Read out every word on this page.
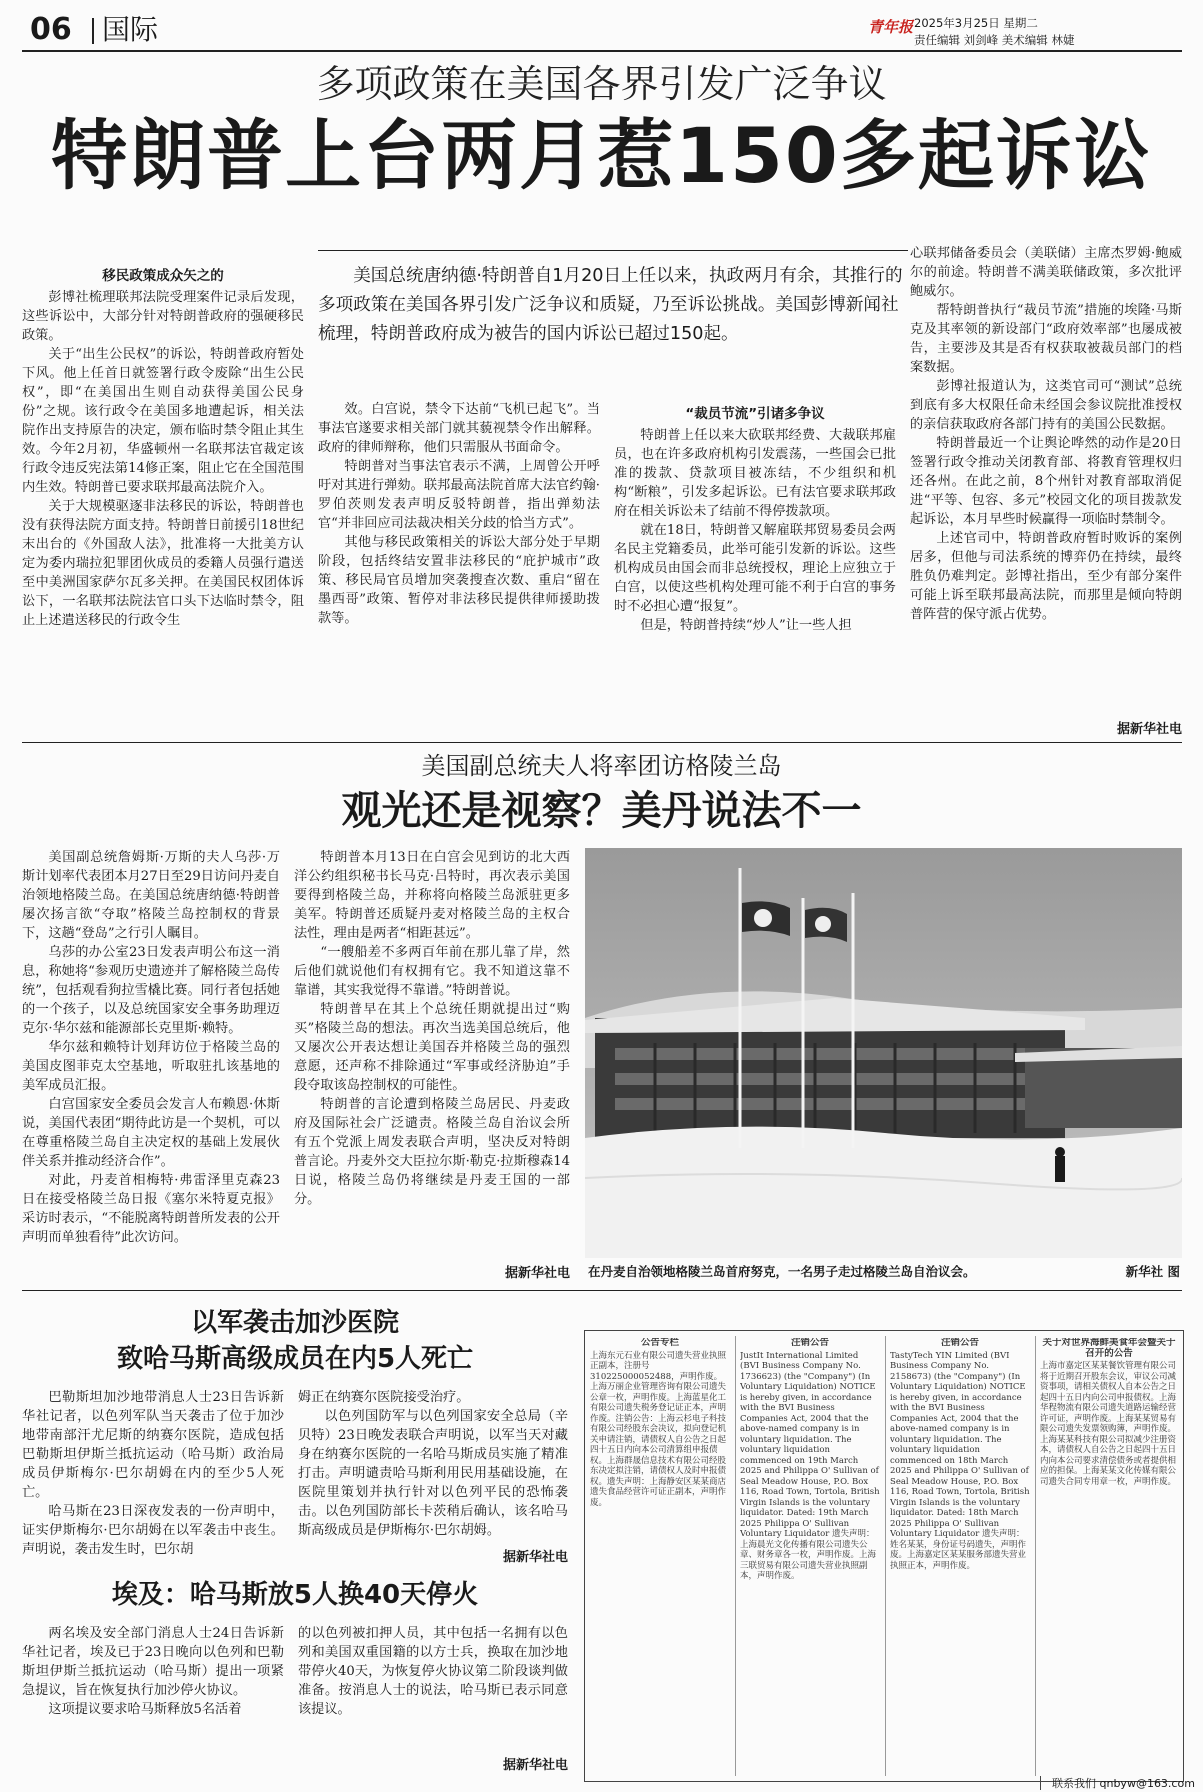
06 国际	青年报 2025年3月25日 星期二
责任编辑 刘剑峰 美术编辑 林婕
多项政策在美国各界引发广泛争议
特朗普上台两月惹150多起诉讼
移民政策成众矢之的

彭博社梳理联邦法院受理案件记录后发现，这些诉讼中，大部分针对特朗普政府的强硬移民政策。

关于“出生公民权”的诉讼，特朗普政府暂处下风。他上任首日就签署行政令废除“出生公民权”，即“在美国出生则自动获得美国公民身份”之规。该行政令在美国多地遭起诉，相关法院作出支持原告的决定，颁布临时禁令阻止其生效。今年2月初，华盛顿州一名联邦法官裁定该行政令违反宪法第14修正案，阻止它在全国范围内生效。特朗普已要求联邦最高法院介入。

关于大规模驱逐非法移民的诉讼，特朗普也没有获得法院方面支持。特朗普日前援引18世纪末出台的《外国敌人法》，批准将一大批美方认定为委内瑞拉犯罪团伙成员的委籍人员强行遣送至中美洲国家萨尔瓦多关押。在美国民权团体诉讼下，一名联邦法院法官口头下达临时禁令，阻止上述遣送移民的行政令生

美国总统唐纳德·特朗普自1月20日上任以来，执政两月有余，其推行的多项政策在美国各界引发广泛争议和质疑，乃至诉讼挑战。美国彭博新闻社梳理，特朗普政府成为被告的国内诉讼已超过150起。

效。白宫说，禁令下达前“飞机已起飞”。当事法官遂要求相关部门就其藐视禁令作出解释。政府的律师辩称，他们只需服从书面命令。

特朗普对当事法官表示不满，上周曾公开呼吁对其进行弹劾。联邦最高法院首席大法官约翰·罗伯茨则发表声明反驳特朗普，指出弹劾法官“并非回应司法裁决相关分歧的恰当方式”。

其他与移民政策相关的诉讼大部分处于早期阶段，包括终结安置非法移民的“庇护城市”政策、移民局官员增加突袭搜查次数、重启“留在墨西哥”政策、暂停对非法移民提供律师援助拨款等。

“裁员节流”引诸多争议

特朗普上任以来大砍联邦经费、大裁联邦雇员，也在许多政府机构引发震荡，一些国会已批准的拨款、贷款项目被冻结，不少组织和机构“断粮”，引发多起诉讼。已有法官要求联邦政府在相关诉讼未了结前不得停拨款项。

就在18日，特朗普又解雇联邦贸易委员会两名民主党籍委员，此举可能引发新的诉讼。这些机构成员由国会而非总统授权，理论上应独立于白宫，以使这些机构处理可能不利于白宫的事务时不必担心遭“报复”。

但是，特朗普持续“炒人”让一些人担

心联邦储备委员会（美联储）主席杰罗姆·鲍威尔的前途。特朗普不满美联储政策，多次批评鲍威尔。

帮特朗普执行“裁员节流”措施的埃隆·马斯克及其率领的新设部门“政府效率部”也屡成被告，主要涉及其是否有权获取被裁员部门的档案数据。

彭博社报道认为，这类官司可“测试”总统到底有多大权限任命未经国会参议院批准授权的亲信获取政府各部门持有的美国公民数据。

特朗普最近一个让舆论哗然的动作是20日签署行政令推动关闭教育部、将教育管理权归还各州。在此之前，8个州针对教育部取消促进“平等、包容、多元”校园文化的项目拨款发起诉讼，本月早些时候赢得一项临时禁制令。

上述官司中，特朗普政府暂时败诉的案例居多，但他与司法系统的博弈仍在持续，最终胜负仍难判定。彭博社指出，至少有部分案件可能上诉至联邦最高法院，而那里是倾向特朗普阵营的保守派占优势。

据新华社电
美国副总统夫人将率团访格陵兰岛
观光还是视察？美丹说法不一

美国副总统詹姆斯·万斯的夫人乌莎·万斯计划率代表团本月27日至29日访问丹麦自治领地格陵兰岛。在美国总统唐纳德·特朗普屡次扬言欲“夺取”格陵兰岛控制权的背景下，这趟“登岛”之行引人瞩目。

乌莎的办公室23日发表声明公布这一消息，称她将“参观历史遗迹并了解格陵兰岛传统”，包括观看狗拉雪橇比赛。同行者包括她的一个孩子，以及总统国家安全事务助理迈克尔·华尔兹和能源部长克里斯·赖特。

华尔兹和赖特计划拜访位于格陵兰岛的美国皮图菲克太空基地，听取驻扎该基地的美军成员汇报。

白宫国家安全委员会发言人布赖恩·休斯说，美国代表团“期待此访是一个契机，可以在尊重格陵兰岛自主决定权的基础上发展伙伴关系并推动经济合作”。

对此，丹麦首相梅特·弗雷泽里克森23日在接受格陵兰岛日报《塞尔米特夏克报》采访时表示，“不能脱离特朗普所发表的公开声明而单独看待”此次访问。

特朗普本月13日在白宫会见到访的北大西洋公约组织秘书长马克·吕特时，再次表示美国要得到格陵兰岛，并称将向格陵兰岛派驻更多美军。特朗普还质疑丹麦对格陵兰岛的主权合法性，理由是两者“相距甚远”。

“一艘船差不多两百年前在那儿靠了岸，然后他们就说他们有权拥有它。我不知道这靠不靠谱，其实我觉得不靠谱。”特朗普说。

特朗普早在其上个总统任期就提出过“购买”格陵兰岛的想法。再次当选美国总统后，他又屡次公开表达想让美国吞并格陵兰岛的强烈意愿，还声称不排除通过“军事或经济胁迫”手段夺取该岛控制权的可能性。

特朗普的言论遭到格陵兰岛居民、丹麦政府及国际社会广泛谴责。格陵兰岛自治议会所有五个党派上周发表联合声明，坚决反对特朗普言论。丹麦外交大臣拉尔斯·勒克·拉斯穆森14日说，格陵兰岛仍将继续是丹麦王国的一部分。

据新华社电 在丹麦自治领地格陵兰岛首府努克，一名男子走过格陵兰岛自治议会。	新华社 图
以军袭击加沙医院
致哈马斯高级成员在内5人死亡

巴勒斯坦加沙地带消息人士23日告诉新华社记者，以色列军队当天袭击了位于加沙地带南部汗尤尼斯的纳赛尔医院，造成包括巴勒斯坦伊斯兰抵抗运动（哈马斯）政治局成员伊斯梅尔·巴尔胡姆在内的至少5人死亡。

哈马斯在23日深夜发表的一份声明中，证实伊斯梅尔·巴尔胡姆在以军袭击中丧生。声明说，袭击发生时，巴尔胡

姆正在纳赛尔医院接受治疗。

以色列国防军与以色列国家安全总局（辛贝特）23日晚发表联合声明说，以军当天对藏身在纳赛尔医院的一名哈马斯成员实施了精准打击。声明谴责哈马斯利用民用基础设施，在医院里策划并执行针对以色列平民的恐怖袭击。以色列国防部长卡茨稍后确认，该名哈马斯高级成员是伊斯梅尔·巴尔胡姆。

据新华社电
埃及：哈马斯放5人换40天停火

两名埃及安全部门消息人士24日告诉新华社记者，埃及已于23日晚向以色列和巴勒斯坦伊斯兰抵抗运动（哈马斯）提出一项紧急提议，旨在恢复执行加沙停火协议。

这项提议要求哈马斯释放5名活着

的以色列被扣押人员，其中包括一名拥有以色列和美国双重国籍的以方士兵，换取在加沙地带停火40天，为恢复停火协议第二阶段谈判做准备。按消息人士的说法，哈马斯已表示同意该提议。

据新华社电
公告专栏

上海东元石业有限公司遗失营业执照正副本，注册号310225000052488，声明作废。上海万丽企业管理咨询有限公司遗失公章一枚，声明作废。上海蓝星化工有限公司遗失税务登记证正本，声明作废。注销公告：上海云杉电子科技有限公司经股东会决议，拟向登记机关申请注销，请债权人自公告之日起四十五日内向本公司清算组申报债权。上海群晟信息技术有限公司经股东决定拟注销，请债权人及时申报债权。遗失声明：上海静安区某某商店遗失食品经营许可证正副本，声明作废。

注销公告

JustIt International Limited (BVI Business Company No. 1736623) (the "Company") (In Voluntary Liquidation) NOTICE is hereby given, in accordance with the BVI Business Companies Act, 2004 that the above-named company is in voluntary liquidation. The voluntary liquidation commenced on 19th March 2025 and Philippa O' Sullivan of Seal Meadow House, P.O. Box 116, Road Town, Tortola, British Virgin Islands is the voluntary liquidator. Dated: 19th March 2025 Philippa O' Sullivan Voluntary Liquidator 遗失声明：上海晨光文化传播有限公司遗失公章、财务章各一枚，声明作废。上海三联贸易有限公司遗失营业执照副本，声明作废。

注销公告

TastyTech YIN Limited (BVI Business Company No. 2158673) (the "Company") (In Voluntary Liquidation) NOTICE is hereby given, in accordance with the BVI Business Companies Act, 2004 that the above-named company is in voluntary liquidation. The voluntary liquidation commenced on 18th March 2025 and Philippa O' Sullivan of Seal Meadow House, P.O. Box 116, Road Town, Tortola, British Virgin Islands is the voluntary liquidator. Dated: 18th March 2025 Philippa O' Sullivan Voluntary Liquidator 遗失声明：姓名某某，身份证号码遗失，声明作废。上海嘉定区某某服务部遗失营业执照正本，声明作废。

关于对世界海鲜美食年会暨关于召开的公告

上海市嘉定区某某餐饮管理有限公司将于近期召开股东会议，审议公司减资事项，请相关债权人自本公告之日起四十五日内向公司申报债权。上海华程物流有限公司遗失道路运输经营许可证，声明作废。上海某某贸易有限公司遗失发票领购簿，声明作废。上海某某科技有限公司拟减少注册资本，请债权人自公告之日起四十五日内向本公司要求清偿债务或者提供相应的担保。上海某某文化传媒有限公司遗失合同专用章一枚，声明作废。

联系我们 qnbyw@163.com
